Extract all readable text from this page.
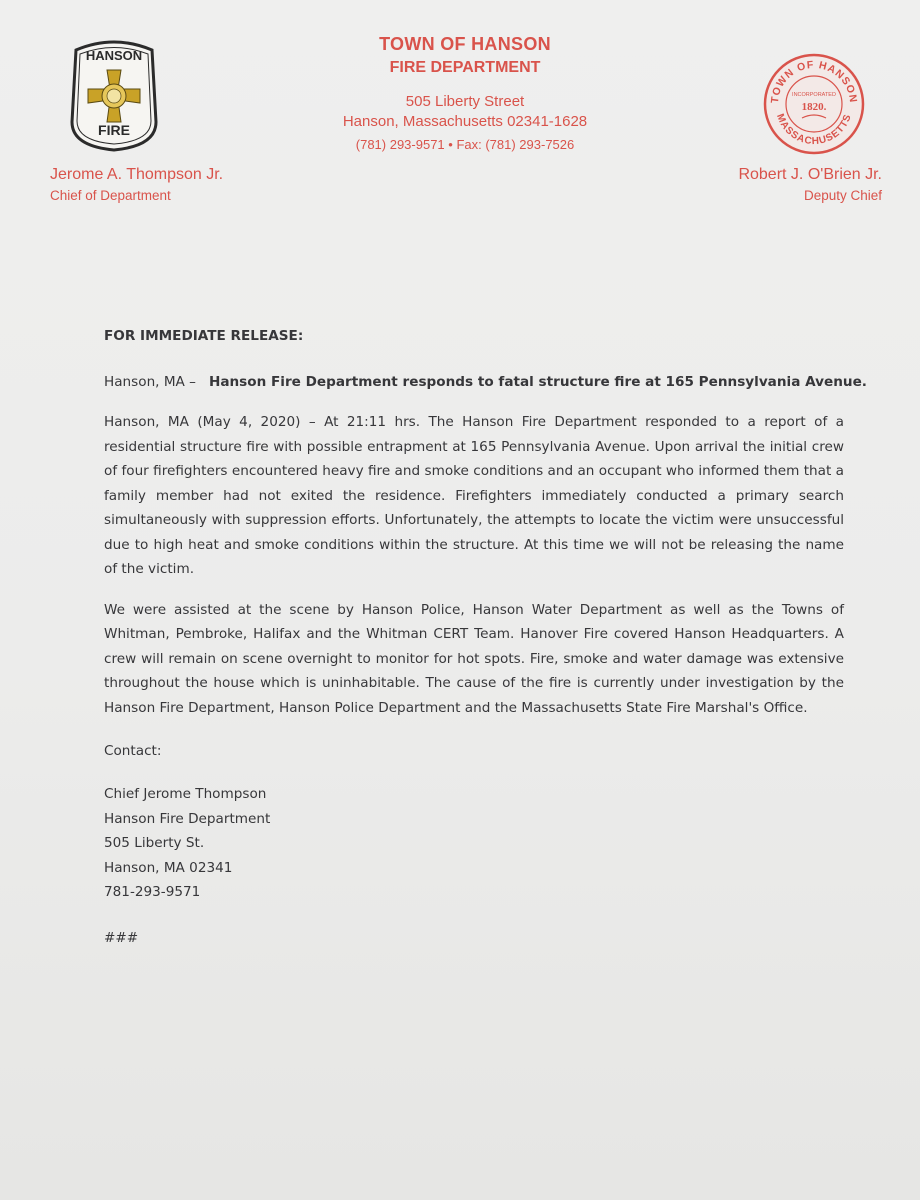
HANSON
FIRE
TOWN OF HANSON
FIRE DEPARTMENT
505 Liberty Street
Hanson, Massachusetts 02341-1628
(781) 293-9571 • Fax: (781) 293-7526
TOWN OF HANSON
MASSACHUSETTS
INCORPORATED
1820.
Jerome A. Thompson Jr.
Chief of Department
Robert J. O'Brien Jr.
Deputy Chief

FOR IMMEDIATE RELEASE:

Hanson, MA – Hanson Fire Department responds to fatal structure fire at 165 Pennsylvania Avenue.

Hanson, MA (May 4, 2020) – At 21:11 hrs. The Hanson Fire Department responded to a report of a residential structure fire with possible entrapment at 165 Pennsylvania Avenue. Upon arrival the initial crew of four firefighters encountered heavy fire and smoke conditions and an occupant who informed them that a family member had not exited the residence. Firefighters immediately conducted a primary search simultaneously with suppression efforts. Unfortunately, the attempts to locate the victim were unsuccessful due to high heat and smoke conditions within the structure. At this time we will not be releasing the name of the victim.

We were assisted at the scene by Hanson Police, Hanson Water Department as well as the Towns of Whitman, Pembroke, Halifax and the Whitman CERT Team. Hanover Fire covered Hanson Headquarters. A crew will remain on scene overnight to monitor for hot spots. Fire, smoke and water damage was extensive throughout the house which is uninhabitable. The cause of the fire is currently under investigation by the Hanson Fire Department, Hanson Police Department and the Massachusetts State Fire Marshal's Office.

Contact:

Chief Jerome Thompson
Hanson Fire Department
505 Liberty St.
Hanson, MA 02341
781-293-9571

###
